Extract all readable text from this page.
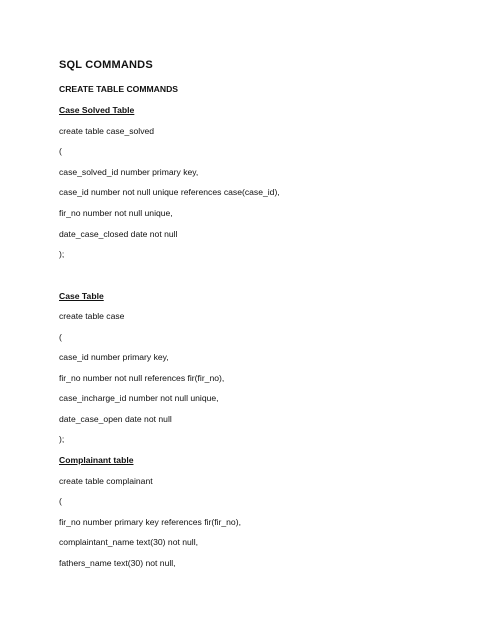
SQL COMMANDS
CREATE TABLE COMMANDS
Case Solved Table
create table case_solved
(
case_solved_id number primary key,
case_id number not null unique references case(case_id),
fir_no number not null unique,
date_case_closed date not null
);
Case Table
create table case
(
case_id number primary key,
fir_no number not null references fir(fir_no),
case_incharge_id number not null unique,
date_case_open date not null
);
Complainant table
create table complainant
(
fir_no number primary key references fir(fir_no),
complaintant_name text(30) not null,
fathers_name text(30) not null,
